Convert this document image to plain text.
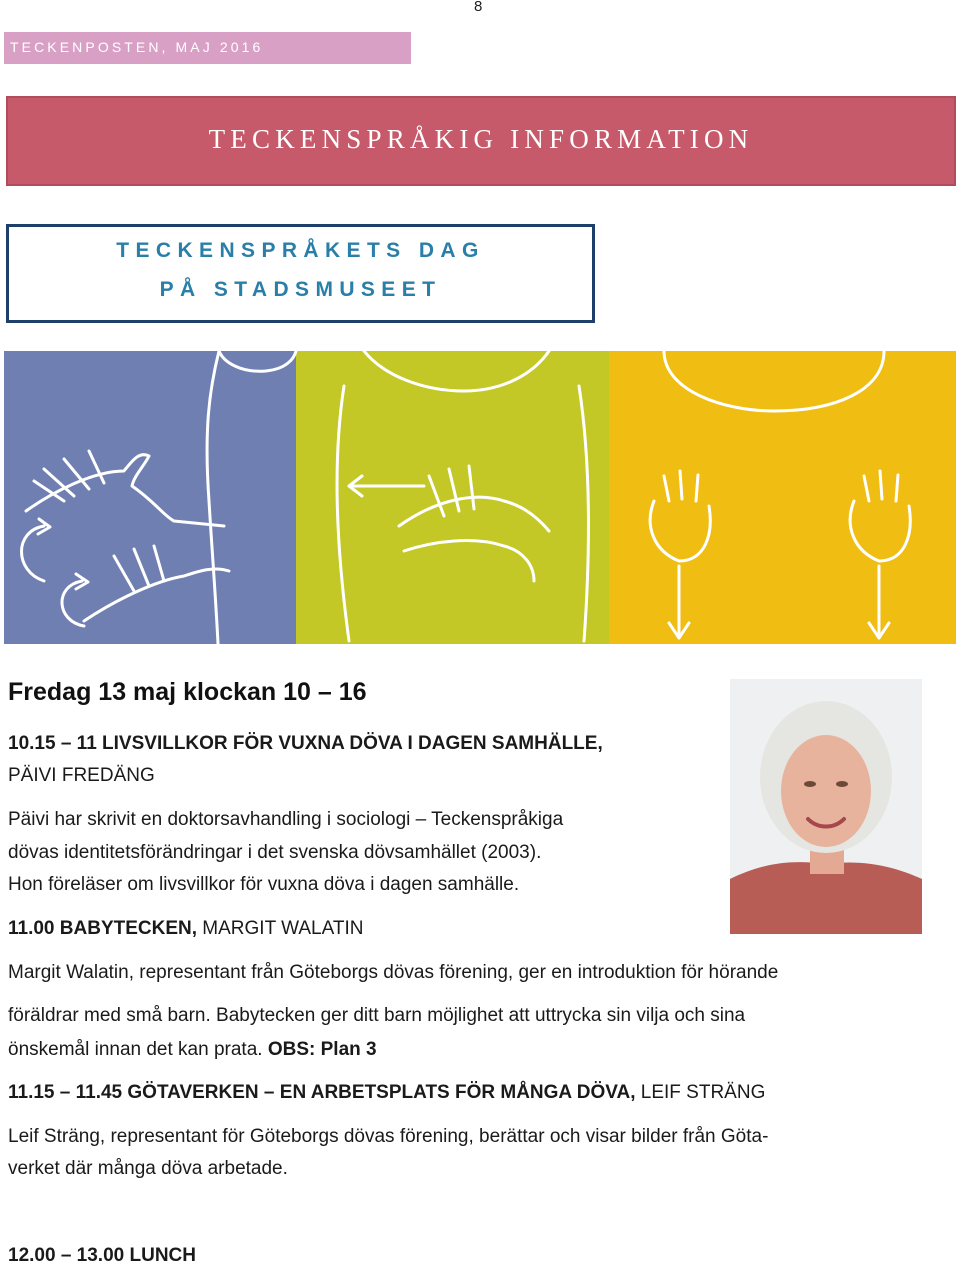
8
TECKENPOSTEN, MAJ 2016
TECKENSPRÅKIG INFORMATION
TECKENSPRÅKETS DAG
PÅ STADSMUSEET
Fredag 13 maj klockan 10 – 16
10.15 – 11 LIVSVILLKOR FÖR VUXNA DÖVA I DAGEN SAMHÄLLE,
PÄIVI FREDÄNG
Päivi har skrivit en doktorsavhandling i sociologi – Teckenspråkiga
dövas identitetsförändringar i det svenska dövsamhället (2003).
Hon föreläser om livsvillkor för vuxna döva i dagen samhälle.
11.00 BABYTECKEN, MARGIT WALATIN
Margit Walatin, representant från Göteborgs dövas förening, ger en introduktion för hörande
föräldrar med små barn. Babytecken ger ditt barn möjlighet att uttrycka sin vilja och sina
önskemål innan det kan prata. OBS: Plan 3
11.15 – 11.45 GÖTAVERKEN – EN ARBETSPLATS FÖR MÅNGA DÖVA, LEIF STRÄNG
Leif Sträng, representant för Göteborgs dövas förening, berättar och visar bilder från Göta-
verket där många döva arbetade.
12.00 – 13.00 LUNCH
